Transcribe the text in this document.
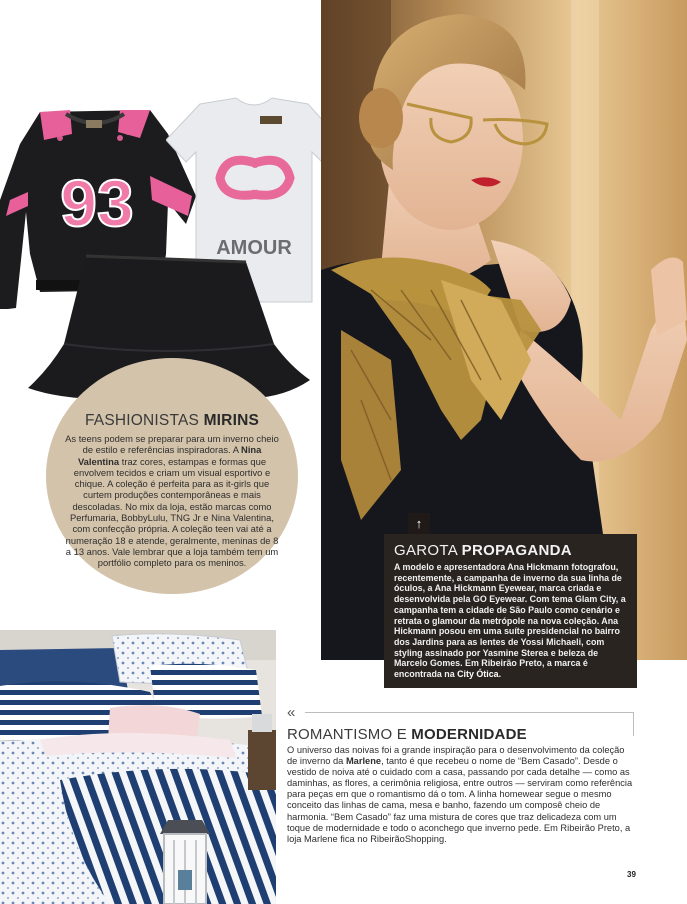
93
AMOUR
FASHIONISTAS MIRINS
As teens podem se preparar para um inverno cheio de estilo e referências inspiradoras. A Nina Valentina traz cores, estampas e formas que envolvem tecidos e criam um visual esportivo e chique. A coleção é perfeita para as it-girls que curtem produções contemporâneas e mais descoladas. No mix da loja, estão marcas como Perfumaria, BobbyLulu, TNG Jr e Nina Valentina, com confecção própria. A coleção teen vai até a numeração 18 e atende, geralmente, meninas de 8 a 13 anos. Vale lembrar que a loja também tem um portfólio completo para os meninos.
↑
GAROTA PROPAGANDA
A modelo e apresentadora Ana Hickmann fotografou, recentemente, a campanha de inverno da sua linha de óculos, a Ana Hickmann Eyewear, marca criada e desenvolvida pela GO Eyewear. Com tema Glam City, a campanha tem a cidade de São Paulo como cenário e retrata o glamour da metrópole na nova coleção. Ana Hickmann posou em uma suíte presidencial no bairro dos Jardins para as lentes de Yossi Michaeli, com styling assinado por Yasmine Sterea e beleza de Marcelo Gomes. Em Ribeirão Preto, a marca é encontrada na City Ótica.
«
ROMANTISMO E MODERNIDADE
O universo das noivas foi a grande inspiração para o desenvolvimento da coleção de inverno da Marlene, tanto é que recebeu o nome de “Bem Casado”. Desde o vestido de noiva até o cuidado com a casa, passando por cada detalhe — como as daminhas, as flores, a cerimônia religiosa, entre outros — serviram como referência para peças em que o romantismo dá o tom. A linha homewear segue o mesmo conceito das linhas de cama, mesa e banho, fazendo um composê cheio de harmonia. “Bem Casado” faz uma mistura de cores que traz delicadeza com um toque de modernidade e todo o aconchego que inverno pede. Em Ribeirão Preto, a loja Marlene fica no RibeirãoShopping.
39
